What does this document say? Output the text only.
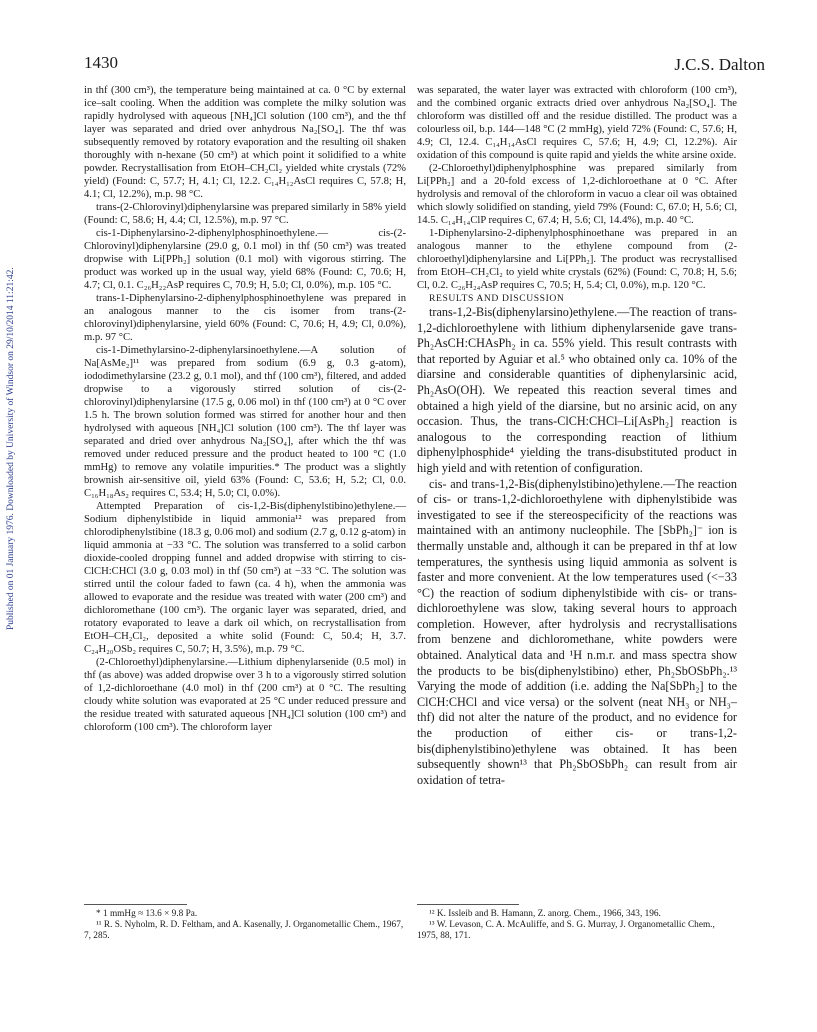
1430	J.C.S. Dalton
Published on 01 January 1976. Downloaded by University of Windsor on 29/10/2014 11:21:42.

in thf (300 cm³), the temperature being maintained at ca. 0 °C by external ice–salt cooling. When the addition was complete the milky solution was rapidly hydrolysed with aqueous [NH₄]Cl solution (100 cm³), and the thf layer was separated and dried over anhydrous Na₂[SO₄]. The thf was subsequently removed by rotatory evaporation and the resulting oil shaken thoroughly with n-hexane (50 cm³) at which point it solidified to a white powder. Recrystallisation from EtOH–CH₂Cl₂ yielded white crystals (72% yield) (Found: C, 57.7; H, 4.1; Cl, 12.2. C₁₄H₁₂AsCl requires C, 57.8; H, 4.1; Cl, 12.2%), m.p. 98 °C.

trans-(2-Chlorovinyl)diphenylarsine was prepared similarly in 58% yield (Found: C, 58.6; H, 4.4; Cl, 12.5%), m.p. 97 °C.

cis-1-Diphenylarsino-2-diphenylphosphinoethylene.— cis-(2-Chlorovinyl)diphenylarsine (29.0 g, 0.1 mol) in thf (50 cm³) was treated dropwise with Li[PPh₂] solution (0.1 mol) with vigorous stirring. The product was worked up in the usual way, yield 68% (Found: C, 70.6; H, 4.7; Cl, 0.1. C₂₆H₂₂AsP requires C, 70.9; H, 5.0; Cl, 0.0%), m.p. 105 °C.

trans-1-Diphenylarsino-2-diphenylphosphinoethylene was prepared in an analogous manner to the cis isomer from trans-(2-chlorovinyl)diphenylarsine, yield 60% (Found: C, 70.6; H, 4.9; Cl, 0.0%), m.p. 97 °C.

cis-1-Dimethylarsino-2-diphenylarsinoethylene.—A solution of Na[AsMe₂]¹¹ was prepared from sodium (6.9 g, 0.3 g-atom), iododimethylarsine (23.2 g, 0.1 mol), and thf (100 cm³), filtered, and added dropwise to a vigorously stirred solution of cis-(2-chlorovinyl)diphenylarsine (17.5 g, 0.06 mol) in thf (100 cm³) at 0 °C over 1.5 h. The brown solution formed was stirred for another hour and then hydrolysed with aqueous [NH₄]Cl solution (100 cm³). The thf layer was separated and dried over anhydrous Na₂[SO₄], after which the thf was removed under reduced pressure and the product heated to 100 °C (1.0 mmHg) to remove any volatile impurities.* The product was a slightly brownish air-sensitive oil, yield 63% (Found: C, 53.6; H, 5.2; Cl, 0.0. C₁₆H₁₈As₂ requires C, 53.4; H, 5.0; Cl, 0.0%).

Attempted Preparation of cis-1,2-Bis(diphenylstibino)ethylene.—Sodium diphenylstibide in liquid ammonia¹² was prepared from chlorodiphenylstibine (18.3 g, 0.06 mol) and sodium (2.7 g, 0.12 g-atom) in liquid ammonia at −33 °C. The solution was transferred to a solid carbon dioxide-cooled dropping funnel and added dropwise with stirring to cis-ClCH:CHCl (3.0 g, 0.03 mol) in thf (50 cm³) at −33 °C. The solution was stirred until the colour faded to fawn (ca. 4 h), when the ammonia was allowed to evaporate and the residue was treated with water (200 cm³) and dichloromethane (100 cm³). The organic layer was separated, dried, and rotatory evaporated to leave a dark oil which, on recrystallisation from EtOH–CH₂Cl₂, deposited a white solid (Found: C, 50.4; H, 3.7. C₂₄H₂₀OSb₂ requires C, 50.7; H, 3.5%), m.p. 79 °C.

(2-Chloroethyl)diphenylarsine.—Lithium diphenylarsenide (0.5 mol) in thf (as above) was added dropwise over 3 h to a vigorously stirred solution of 1,2-dichloroethane (4.0 mol) in thf (200 cm³) at 0 °C. The resulting cloudy white solution was evaporated at 25 °C under reduced pressure and the residue treated with saturated aqueous [NH₄]Cl solution (100 cm³) and chloroform (100 cm³). The chloroform layer

* 1 mmHg ≈ 13.6 × 9.8 Pa.

¹¹ R. S. Nyholm, R. D. Feltham, and A. Kasenally, J. Organometallic Chem., 1967, 7, 285.

was separated, the water layer was extracted with chloroform (100 cm³), and the combined organic extracts dried over anhydrous Na₂[SO₄]. The chloroform was distilled off and the residue distilled. The product was a colourless oil, b.p. 144—148 °C (2 mmHg), yield 72% (Found: C, 57.6; H, 4.9; Cl, 12.4. C₁₄H₁₄AsCl requires C, 57.6; H, 4.9; Cl, 12.2%). Air oxidation of this compound is quite rapid and yields the white arsine oxide.

(2-Chloroethyl)diphenylphosphine was prepared similarly from Li[PPh₂] and a 20-fold excess of 1,2-dichloroethane at 0 °C. After hydrolysis and removal of the chloroform in vacuo a clear oil was obtained which slowly solidified on standing, yield 79% (Found: C, 67.0; H, 5.6; Cl, 14.5. C₁₄H₁₄ClP requires C, 67.4; H, 5.6; Cl, 14.4%), m.p. 40 °C.

1-Diphenylarsino-2-diphenylphosphinoethane was prepared in an analogous manner to the ethylene compound from (2-chloroethyl)diphenylarsine and Li[PPh₂]. The product was recrystallised from EtOH–CH₂Cl₂ to yield white crystals (62%) (Found: C, 70.8; H, 5.6; Cl, 0.2. C₂₆H₂₄AsP requires C, 70.5; H, 5.4; Cl, 0.0%), m.p. 120 °C.

RESULTS AND DISCUSSION

trans-1,2-Bis(diphenylarsino)ethylene.—The reaction of trans-1,2-dichloroethylene with lithium diphenylarsenide gave trans-Ph₂AsCH:CHAsPh₂ in ca. 55% yield. This result contrasts with that reported by Aguiar et al.⁵ who obtained only ca. 10% of the diarsine and considerable quantities of diphenylarsinic acid, Ph₂AsO(OH). We repeated this reaction several times and obtained a high yield of the diarsine, but no arsinic acid, on any occasion. Thus, the trans-ClCH:CHCl–Li[AsPh₂] reaction is analogous to the corresponding reaction of lithium diphenylphosphide⁴ yielding the trans-disubstituted product in high yield and with retention of configuration.

cis- and trans-1,2-Bis(diphenylstibino)ethylene.—The reaction of cis- or trans-1,2-dichloroethylene with diphenylstibide was investigated to see if the stereospecificity of the reactions was maintained with an antimony nucleophile. The [SbPh₂]⁻ ion is thermally unstable and, although it can be prepared in thf at low temperatures, the synthesis using liquid ammonia as solvent is faster and more convenient. At the low temperatures used (<−33 °C) the reaction of sodium diphenylstibide with cis- or trans-dichloroethylene was slow, taking several hours to approach completion. However, after hydrolysis and recrystallisations from benzene and dichloromethane, white powders were obtained. Analytical data and ¹H n.m.r. and mass spectra show the products to be bis(diphenylstibino) ether, Ph₂SbOSbPh₂.¹³ Varying the mode of addition (i.e. adding the Na[SbPh₂] to the ClCH:CHCl and vice versa) or the solvent (neat NH₃ or NH₃–thf) did not alter the nature of the product, and no evidence for the production of either cis- or trans-1,2-bis(diphenylstibino)ethylene was obtained. It has been subsequently shown¹³ that Ph₂SbOSbPh₂ can result from air oxidation of tetra-

¹² K. Issleib and B. Hamann, Z. anorg. Chem., 1966, 343, 196.

¹³ W. Levason, C. A. McAuliffe, and S. G. Murray, J. Organometallic Chem., 1975, 88, 171.
